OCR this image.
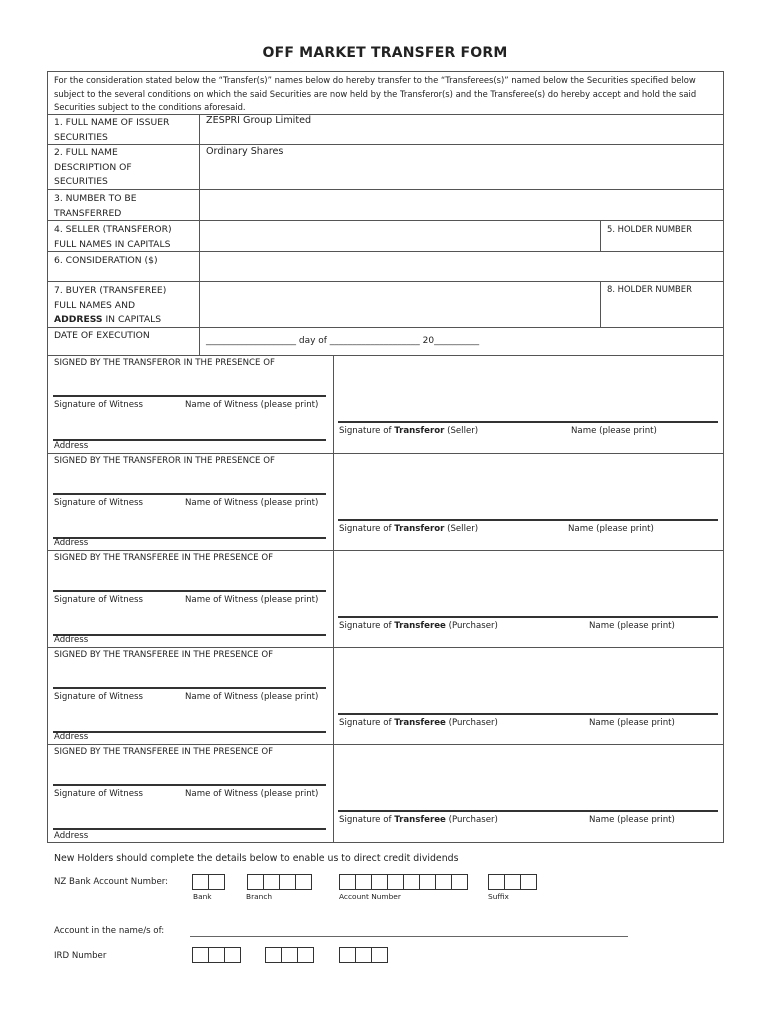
OFF MARKET TRANSFER FORM
For the consideration stated below the “Transfer(s)” names below do hereby transfer to the “Transferees(s)” named below the Securities specified below subject to the several conditions on which the said Securities are now held by the Transferor(s) and the Transferee(s) do hereby accept and hold the said Securities subject to the conditions aforesaid.
1. FULL NAME OF ISSUER
SECURITIES
ZESPRI Group Limited
2. FULL NAME
DESCRIPTION OF
SECURITIES
Ordinary Shares
3. NUMBER TO BE
TRANSFERRED
4. SELLER (TRANSFEROR)
FULL NAMES IN CAPITALS
5. HOLDER NUMBER
6. CONSIDERATION ($)
7. BUYER (TRANSFEREE)
FULL NAMES AND
ADDRESS IN CAPITALS
8. HOLDER NUMBER
DATE OF EXECUTION	____________________ day of ____________________ 20__________
SIGNED BY THE TRANSFEROR IN THE PRESENCE OF
Signature of Witness	Name of Witness (please print)
Address
Signature of Transferor (Seller)	Name (please print)
SIGNED BY THE TRANSFEROR IN THE PRESENCE OF
Signature of Witness	Name of Witness (please print)
Address
Signature of Transferor (Seller)	Name (please print)
SIGNED BY THE TRANSFEREE IN THE PRESENCE OF
Signature of Witness	Name of Witness (please print)
Address
Signature of Transferee (Purchaser)	Name (please print)
SIGNED BY THE TRANSFEREE IN THE PRESENCE OF
Signature of Witness	Name of Witness (please print)
Address
Signature of Transferee (Purchaser)	Name (please print)
SIGNED BY THE TRANSFEREE IN THE PRESENCE OF
Signature of Witness	Name of Witness (please print)
Address
Signature of Transferee (Purchaser)	Name (please print)
New Holders should complete the details below to enable us to direct credit dividends
NZ Bank Account Number:
Bank	Branch	Account Number	Suffix
Account in the name/s of:
IRD Number
